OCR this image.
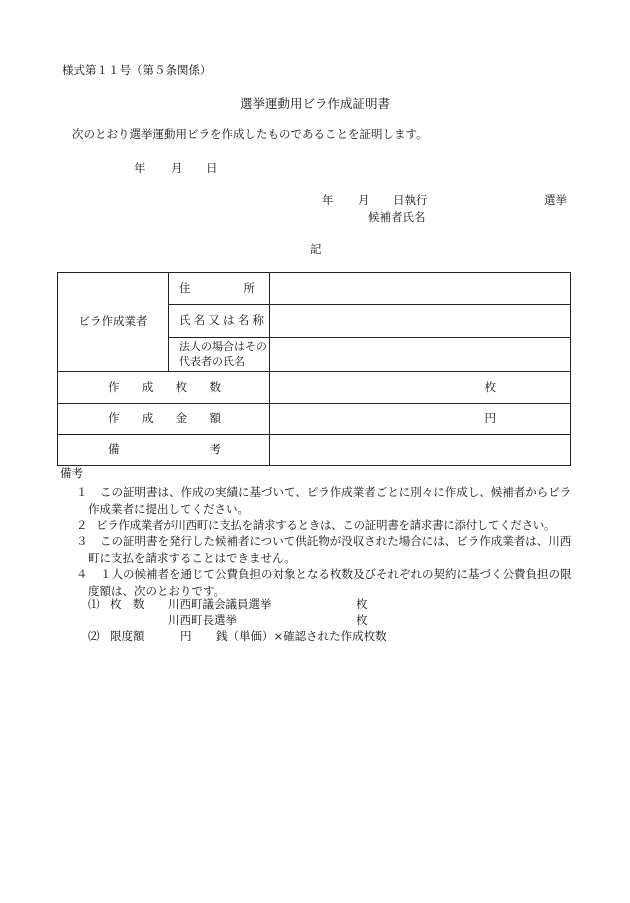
様式第１１号（第５条関係）
選挙運動用ビラ作成証明書
次のとおり選挙運動用ビラを作成したものであることを証明します。
年 月 日
年 月 日執行	選挙
候補者氏名
記
ビラ作成業者	住 所	

	氏名又は名称	

	法人の場合はその
代表者の氏名	

作 成 枚 数		枚

作 成 金 額		円

備 考		

備考
１	この証明書は、作成の実績に基づいて、ビラ作成業者ごとに別々に作成し、候補者からビラ作成業者に提出してください。
２ ビラ作成業者が川西町に支払を請求するときは、この証明書を請求書に添付してください。
３	この証明書を発行した候補者について供託物が没収された場合には、ビラ作成業者は、川西町に支払を請求することはできません。
４	１人の候補者を通じて公費負担の対象となる枚数及びそれぞれの契約に基づく公費負担の限度額は、次のとおりです。
⑴ 枚　数 川西町議会議員選挙	枚
川西町長選挙	枚
⑵ 限度額	円 銭（単価）×確認された作成枚数
